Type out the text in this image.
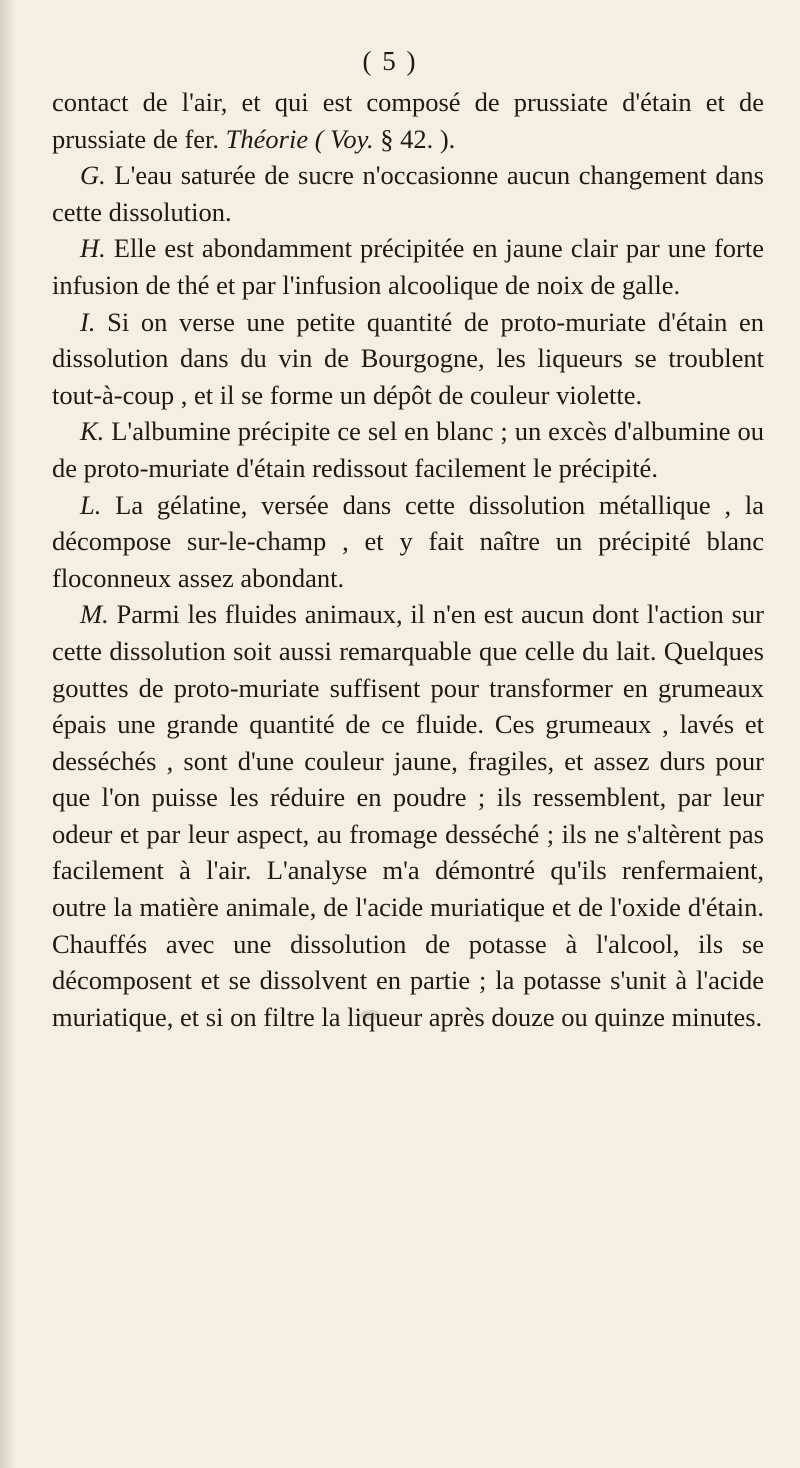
( 5 )

contact de l'air, et qui est composé de prussiate d'étain et de prussiate de fer. Théorie ( Voy. § 42. ).

G. L'eau saturée de sucre n'occasionne aucun changement dans cette dissolution.

H. Elle est abondamment précipitée en jaune clair par une forte infusion de thé et par l'infusion alcoolique de noix de galle.

I. Si on verse une petite quantité de proto-muriate d'étain en dissolution dans du vin de Bourgogne, les liqueurs se troublent tout-à-coup , et il se forme un dépôt de couleur violette.

K. L'albumine précipite ce sel en blanc ; un excès d'albumine ou de proto-muriate d'étain redissout facilement le précipité.

L. La gélatine, versée dans cette dissolution métallique , la décompose sur-le-champ , et y fait naître un précipité blanc floconneux assez abondant.

M. Parmi les fluides animaux, il n'en est aucun dont l'action sur cette dissolution soit aussi remarquable que celle du lait. Quelques gouttes de proto-muriate suffisent pour transformer en grumeaux épais une grande quantité de ce fluide. Ces grumeaux , lavés et desséchés , sont d'une couleur jaune, fragiles, et assez durs pour que l'on puisse les réduire en poudre ; ils ressemblent, par leur odeur et par leur aspect, au fromage desséché ; ils ne s'altèrent pas facilement à l'air. L'analyse m'a démontré qu'ils renfermaient, outre la matière animale, de l'acide muriatique et de l'oxide d'étain. Chauffés avec une dissolution de potasse à l'alcool, ils se décomposent et se dissolvent en partie ; la potasse s'unit à l'acide muriatique, et si on filtre la liqueur après douze ou quinze minutes.
